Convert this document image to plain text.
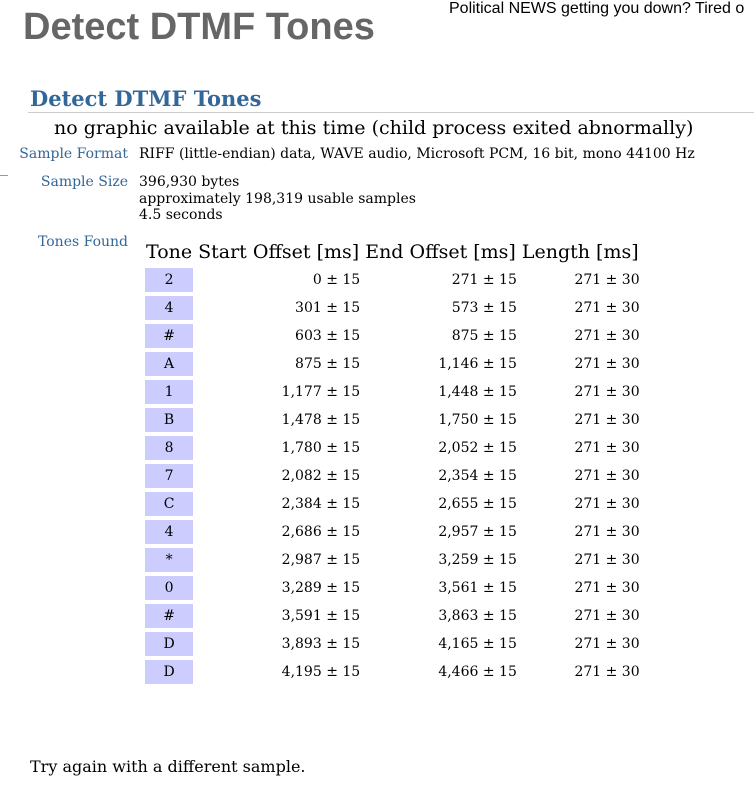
Political NEWS getting you down? Tired o
Detect DTMF Tones
Detect DTMF Tones
no graphic available at this time (child process exited abnormally)
Sample Format RIFF (little-endian) data, WAVE audio, Microsoft PCM, 16 bit, mono 44100 Hz
Sample Size 396,930 bytes
approximately 198,319 usable samples
4.5 seconds
Tones Found Tone	Start Offset [ms]	End Offset [ms]	Length [ms]
2	0 ± 15	271 ± 15	271 ± 30
4	301 ± 15	573 ± 15	271 ± 30
#	603 ± 15	875 ± 15	271 ± 30
A	875 ± 15	1,146 ± 15	271 ± 30
1	1,177 ± 15	1,448 ± 15	271 ± 30
B	1,478 ± 15	1,750 ± 15	271 ± 30
8	1,780 ± 15	2,052 ± 15	271 ± 30
7	2,082 ± 15	2,354 ± 15	271 ± 30
C	2,384 ± 15	2,655 ± 15	271 ± 30
4	2,686 ± 15	2,957 ± 15	271 ± 30
*	2,987 ± 15	3,259 ± 15	271 ± 30
0	3,289 ± 15	3,561 ± 15	271 ± 30
#	3,591 ± 15	3,863 ± 15	271 ± 30
D	3,893 ± 15	4,165 ± 15	271 ± 30
D	4,195 ± 15	4,466 ± 15	271 ± 30
Try again with a different sample.
